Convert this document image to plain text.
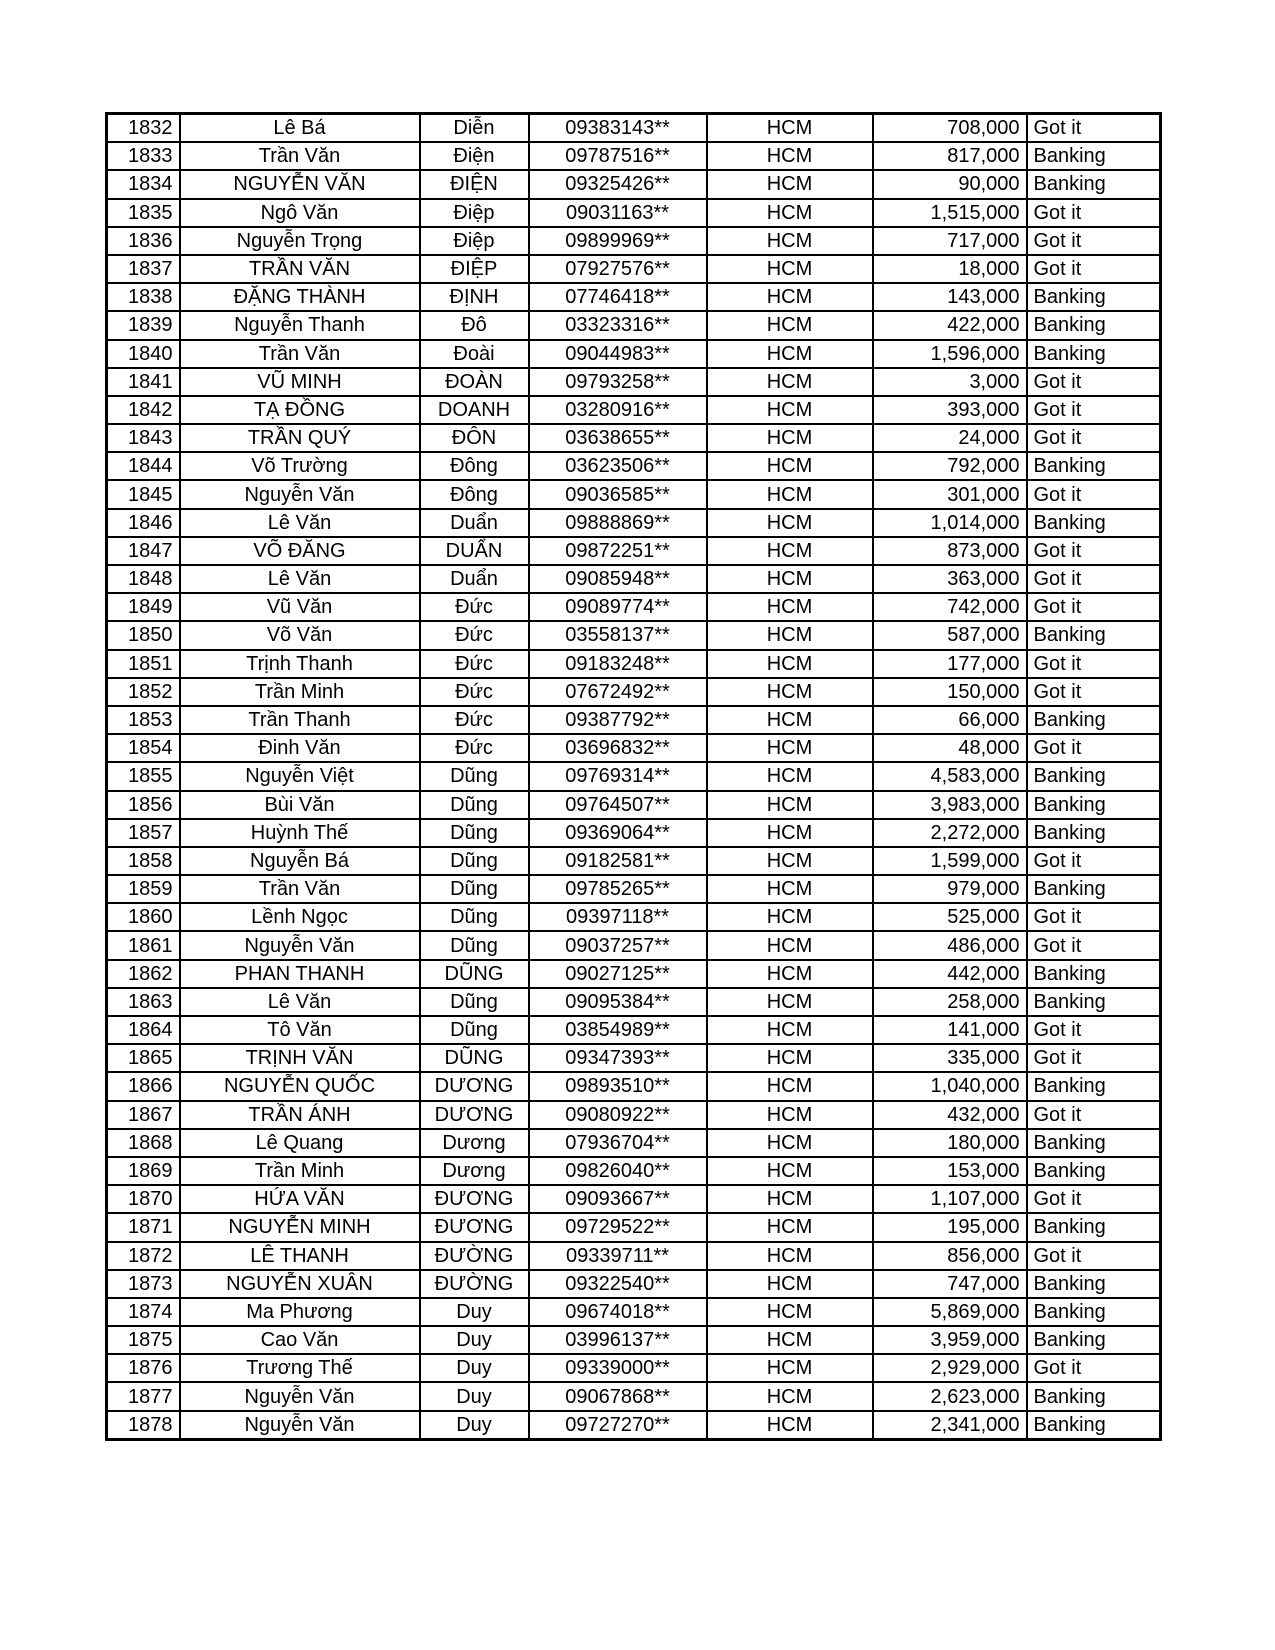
1832	Lê Bá	Diễn	09383143**	HCM	708,000	Got it
1833	Trần Văn	Điện	09787516**	HCM	817,000	Banking
1834	NGUYỄN VĂN	ĐIỆN	09325426**	HCM	90,000	Banking
1835	Ngô Văn	Điệp	09031163**	HCM	1,515,000	Got it
1836	Nguyễn Trọng	Điệp	09899969**	HCM	717,000	Got it
1837	TRẦN VĂN	ĐIỆP	07927576**	HCM	18,000	Got it
1838	ĐẶNG THÀNH	ĐỊNH	07746418**	HCM	143,000	Banking
1839	Nguyễn Thanh	Đô	03323316**	HCM	422,000	Banking
1840	Trần Văn	Đoài	09044983**	HCM	1,596,000	Banking
1841	VŨ MINH	ĐOÀN	09793258**	HCM	3,000	Got it
1842	TẠ ĐỒNG	DOANH	03280916**	HCM	393,000	Got it
1843	TRẦN QUÝ	ĐÔN	03638655**	HCM	24,000	Got it
1844	Võ Trường	Đông	03623506**	HCM	792,000	Banking
1845	Nguyễn Văn	Đông	09036585**	HCM	301,000	Got it
1846	Lê Văn	Duẩn	09888869**	HCM	1,014,000	Banking
1847	VÕ ĐĂNG	DUẨN	09872251**	HCM	873,000	Got it
1848	Lê Văn	Duẩn	09085948**	HCM	363,000	Got it
1849	Vũ Văn	Đức	09089774**	HCM	742,000	Got it
1850	Võ Văn	Đức	03558137**	HCM	587,000	Banking
1851	Trịnh Thanh	Đức	09183248**	HCM	177,000	Got it
1852	Trần Minh	Đức	07672492**	HCM	150,000	Got it
1853	Trần Thanh	Đức	09387792**	HCM	66,000	Banking
1854	Đinh Văn	Đức	03696832**	HCM	48,000	Got it
1855	Nguyễn Việt	Dũng	09769314**	HCM	4,583,000	Banking
1856	Bùi Văn	Dũng	09764507**	HCM	3,983,000	Banking
1857	Huỳnh Thế	Dũng	09369064**	HCM	2,272,000	Banking
1858	Nguyễn Bá	Dũng	09182581**	HCM	1,599,000	Got it
1859	Trần Văn	Dũng	09785265**	HCM	979,000	Banking
1860	Lềnh Ngọc	Dũng	09397118**	HCM	525,000	Got it
1861	Nguyễn Văn	Dũng	09037257**	HCM	486,000	Got it
1862	PHAN THANH	DŨNG	09027125**	HCM	442,000	Banking
1863	Lê Văn	Dũng	09095384**	HCM	258,000	Banking
1864	Tô Văn	Dũng	03854989**	HCM	141,000	Got it
1865	TRỊNH VĂN	DŨNG	09347393**	HCM	335,000	Got it
1866	NGUYỄN QUỐC	DƯƠNG	09893510**	HCM	1,040,000	Banking
1867	TRẦN ÁNH	DƯƠNG	09080922**	HCM	432,000	Got it
1868	Lê Quang	Dương	07936704**	HCM	180,000	Banking
1869	Trần Minh	Dương	09826040**	HCM	153,000	Banking
1870	HỨA VĂN	ĐƯƠNG	09093667**	HCM	1,107,000	Got it
1871	NGUYỄN MINH	ĐƯƠNG	09729522**	HCM	195,000	Banking
1872	LÊ THANH	ĐƯỜNG	09339711**	HCM	856,000	Got it
1873	NGUYỄN XUÂN	ĐƯỜNG	09322540**	HCM	747,000	Banking
1874	Ma Phương	Duy	09674018**	HCM	5,869,000	Banking
1875	Cao Văn	Duy	03996137**	HCM	3,959,000	Banking
1876	Trương Thế	Duy	09339000**	HCM	2,929,000	Got it
1877	Nguyễn Văn	Duy	09067868**	HCM	2,623,000	Banking
1878	Nguyễn Văn	Duy	09727270**	HCM	2,341,000	Banking
